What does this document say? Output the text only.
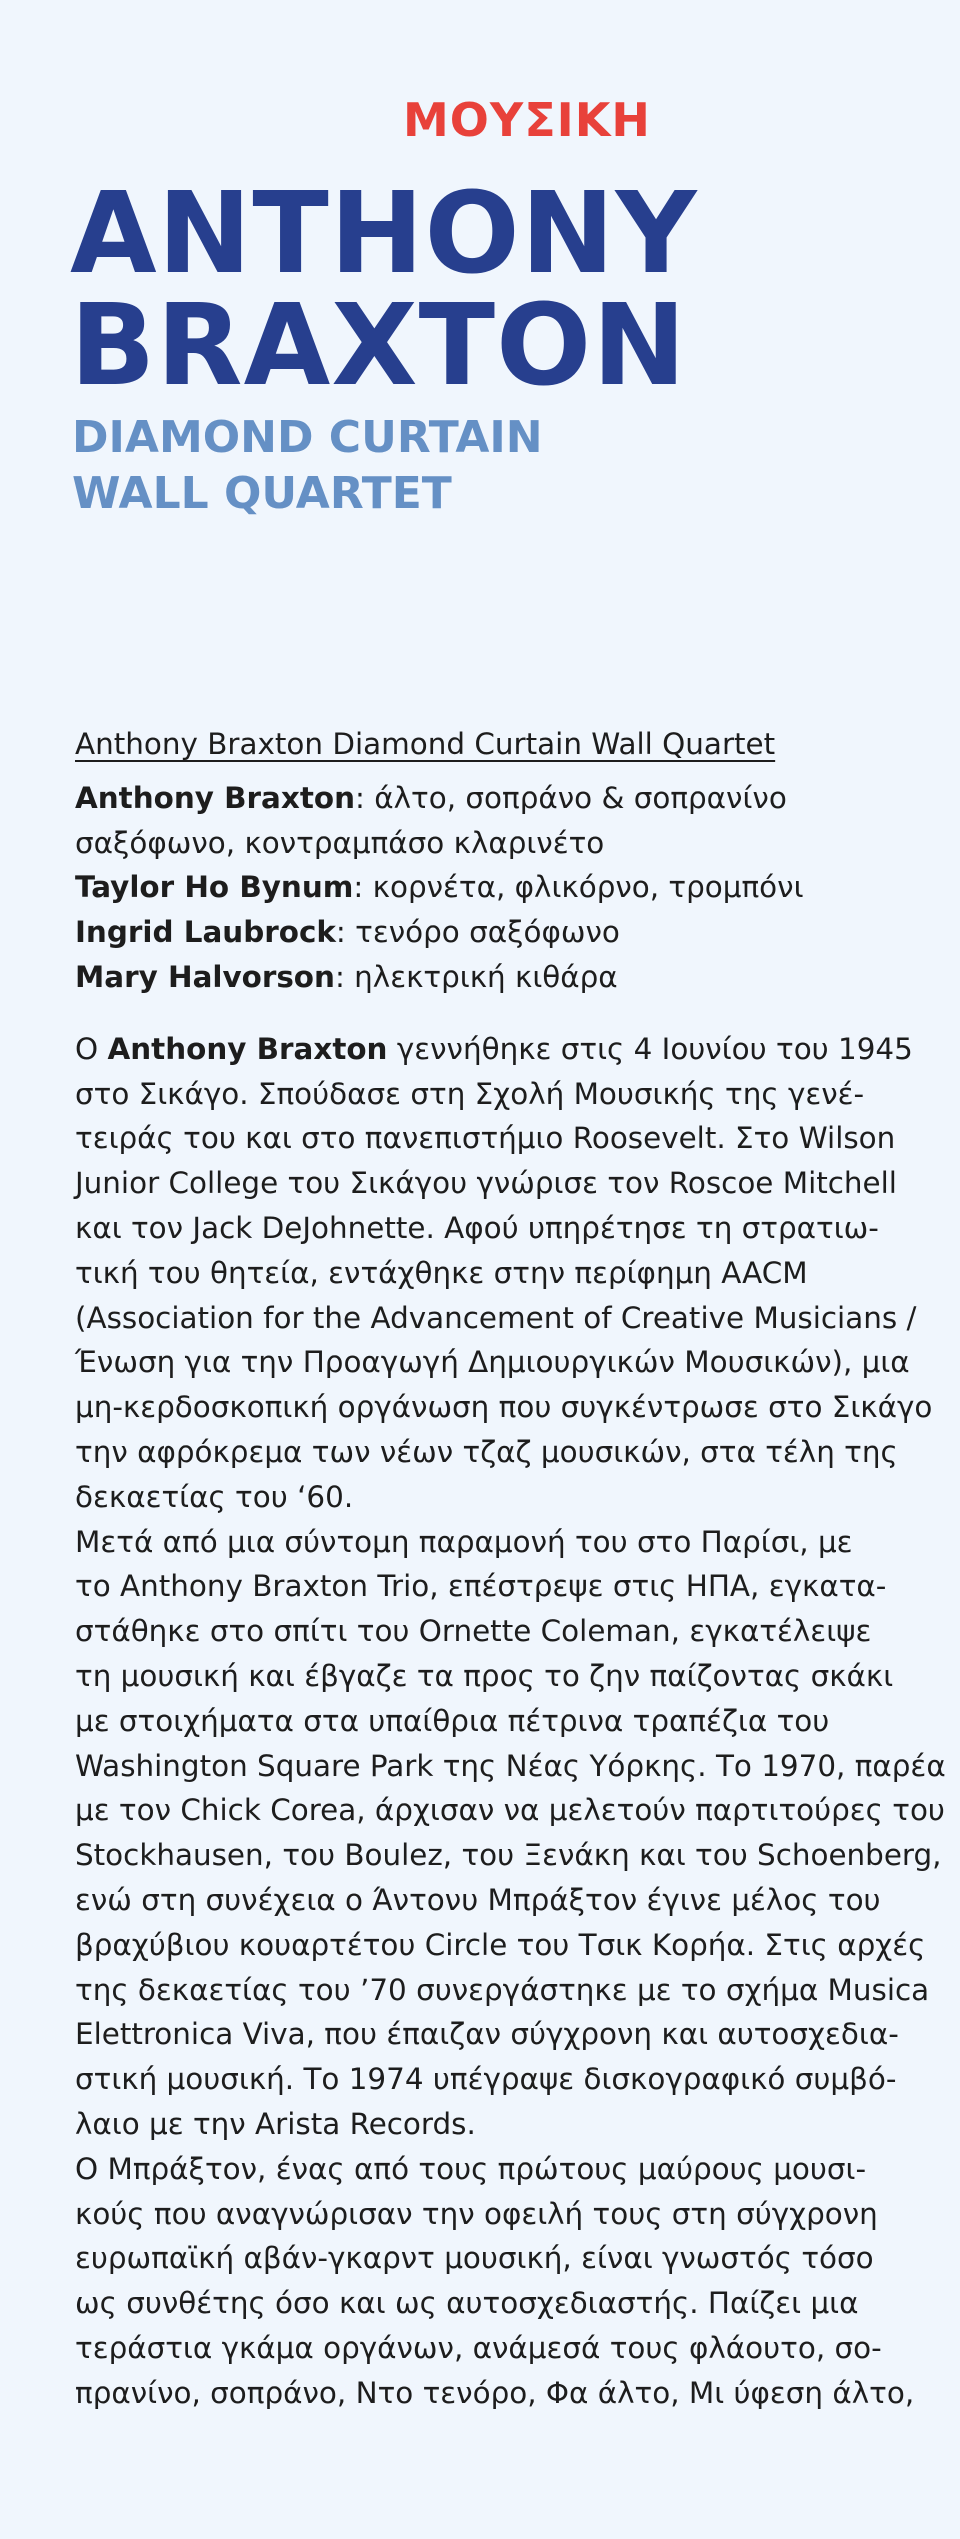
ΜΟΥΣΙΚΗ
ANTHONY
BRAXTON
DIAMOND CURTAIN
WALL QUARTET
Anthony Braxton Diamond Curtain Wall Quartet
Anthony Braxton: άλτο, σοπράνο & σοπρανίνο
σαξόφωνο, κοντραμπάσο κλαρινέτο
Taylor Ho Bynum: κορνέτα, φλικόρνο, τρομπόνι
Ingrid Laubrock: τενόρο σαξόφωνο
Mary Halvorson: ηλεκτρική κιθάρα
Ο Anthony Braxton γεννήθηκε στις 4 Ιουνίου του 1945
στο Σικάγο. Σπούδασε στη Σχολή Μουσικής της γενέ-
τειράς του και στο πανεπιστήμιο Roosevelt. Στο Wilson
Junior College του Σικάγου γνώρισε τον Roscoe Mitchell
και τον Jack DeJohnette. Αφού υπηρέτησε τη στρατιω-
τική του θητεία, εντάχθηκε στην περίφημη AACM
(Association for the Advancement of Creative Musicians /
Ένωση για την Προαγωγή Δημιουργικών Μουσικών), μια
μη-κερδοσκοπική οργάνωση που συγκέντρωσε στο Σικάγο
την αφρόκρεμα των νέων τζαζ μουσικών, στα τέλη της
δεκαετίας του ‘60.
Μετά από μια σύντομη παραμονή του στο Παρίσι, με
το Anthony Braxton Trio, επέστρεψε στις ΗΠΑ, εγκατα-
στάθηκε στο σπίτι του Ornette Coleman, εγκατέλειψε
τη μουσική και έβγαζε τα προς το ζην παίζοντας σκάκι
με στοιχήματα στα υπαίθρια πέτρινα τραπέζια του
Washington Square Park της Νέας Υόρκης. Το 1970, παρέα
με τον Chick Corea, άρχισαν να μελετούν παρτιτούρες του
Stockhausen, του Boulez, του Ξενάκη και του Schoenberg,
ενώ στη συνέχεια ο Άντονυ Μπράξτον έγινε μέλος του
βραχύβιου κουαρτέτου Circle του Τσικ Κορήα. Στις αρχές
της δεκαετίας του ’70 συνεργάστηκε με το σχήμα Musica
Elettronica Viva, που έπαιζαν σύγχρονη και αυτοσχεδια-
στική μουσική. Το 1974 υπέγραψε δισκογραφικό συμβό-
λαιο με την Arista Records.
Ο Μπράξτον, ένας από τους πρώτους μαύρους μουσι-
κούς που αναγνώρισαν την οφειλή τους στη σύγχρονη
ευρωπαϊκή αβάν-γκαρντ μουσική, είναι γνωστός τόσο
ως συνθέτης όσο και ως αυτοσχεδιαστής. Παίζει μια
τεράστια γκάμα οργάνων, ανάμεσά τους φλάουτο, σο-
πρανίνο, σοπράνο, Ντο τενόρο, Φα άλτο, Μι ύφεση άλτο,
